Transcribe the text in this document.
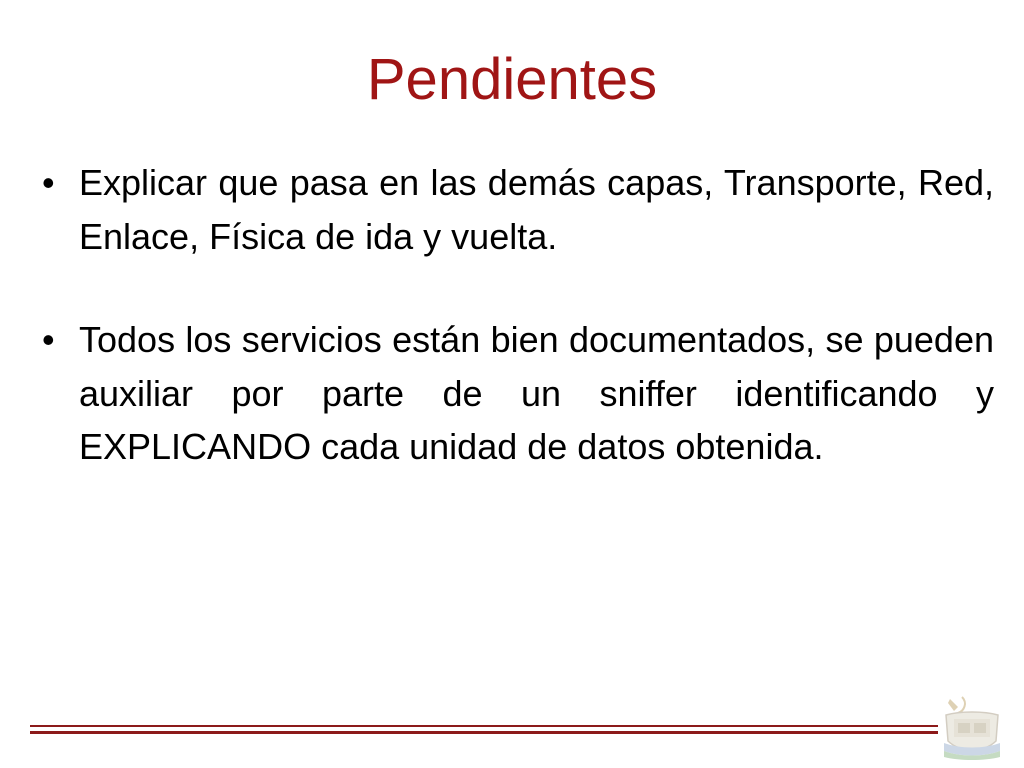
Pendientes
• Explicar que pasa en las demás capas, Transporte, Red, Enlace, Física de ida y vuelta.
• Todos los servicios están bien documentados, se pueden auxiliar por parte de un sniffer identificando y EXPLICANDO cada unidad de datos obtenida.
